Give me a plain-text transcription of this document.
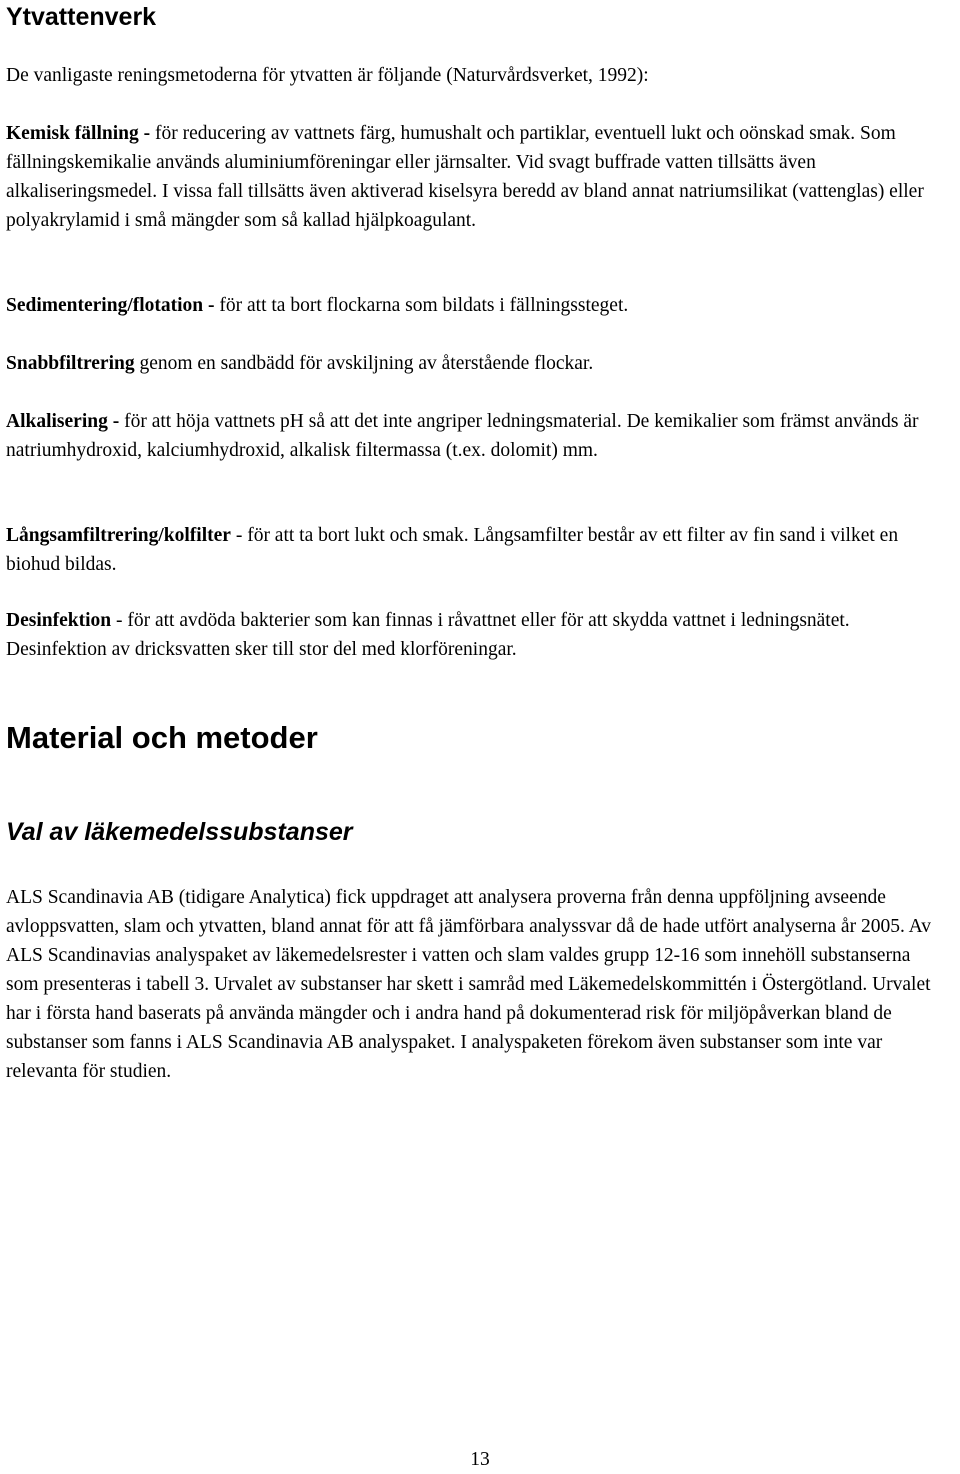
Ytvattenverk

De vanligaste reningsmetoderna för ytvatten är följande (Naturvårdsverket, 1992):

Kemisk fällning - för reducering av vattnets färg, humushalt och partiklar, eventuell lukt och oönskad smak. Som fällningskemikalie används aluminiumföreningar eller järnsalter. Vid svagt buffrade vatten tillsätts även alkaliseringsmedel. I vissa fall tillsätts även aktiverad kiselsyra beredd av bland annat natriumsilikat (vattenglas) eller polyakrylamid i små mängder som så kallad hjälpkoagulant.

Sedimentering/flotation - för att ta bort flockarna som bildats i fällningssteget.

Snabbfiltrering genom en sandbädd för avskiljning av återstående flockar.

Alkalisering - för att höja vattnets pH så att det inte angriper ledningsmaterial. De kemikalier som främst används är natriumhydroxid, kalciumhydroxid, alkalisk filtermassa (t.ex. dolomit) mm.

Långsamfiltrering/kolfilter - för att ta bort lukt och smak. Långsamfilter består av ett filter av fin sand i vilket en biohud bildas.

Desinfektion - för att avdöda bakterier som kan finnas i råvattnet eller för att skydda vattnet i ledningsnätet. Desinfektion av dricksvatten sker till stor del med klorföreningar.

Material och metoder
Val av läkemedelssubstanser

ALS Scandinavia AB (tidigare Analytica) fick uppdraget att analysera proverna från denna uppföljning avseende avloppsvatten, slam och ytvatten, bland annat för att få jämförbara analyssvar då de hade utfört analyserna år 2005. Av ALS Scandinavias analyspaket av läkemedelsrester i vatten och slam valdes grupp 12-16 som innehöll substanserna som presenteras i tabell 3. Urvalet av substanser har skett i samråd med Läkemedelskommittén i Östergötland. Urvalet har i första hand baserats på använda mängder och i andra hand på dokumenterad risk för miljöpåverkan bland de substanser som fanns i ALS Scandinavia AB analyspaket. I analyspaketen förekom även substanser som inte var relevanta för studien.

13
